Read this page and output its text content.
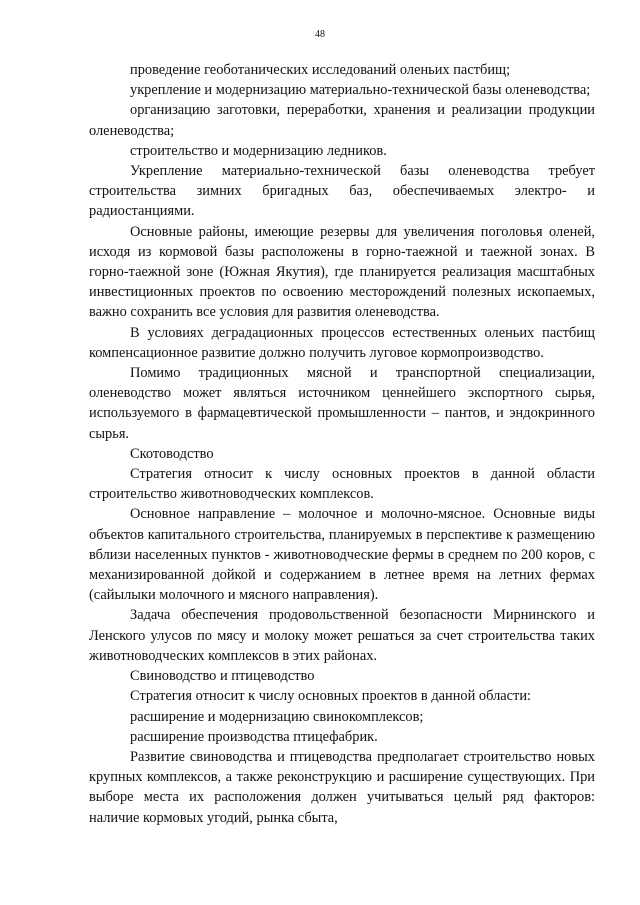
48

проведение геоботанических исследований оленьих пастбищ;

укрепление и модернизацию материально-технической базы оленеводства;

организацию заготовки, переработки, хранения и реализации продукции оленеводства;

строительство и модернизацию ледников.

Укрепление материально-технической базы оленеводства требует строительства зимних бригадных баз, обеспечиваемых электро- и радиостанциями.

Основные районы, имеющие резервы для увеличения поголовья оленей, исходя из кормовой базы расположены в горно-таежной и таежной зонах. В горно-таежной зоне (Южная Якутия), где планируется реализация масштабных инвестиционных проектов по освоению месторождений полезных ископаемых, важно сохранить все условия для развития оленеводства.

В условиях деградационных процессов естественных оленьих пастбищ компенсационное развитие должно получить луговое кормопроизводство.

Помимо традиционных мясной и транспортной специализации, оленеводство может являться источником ценнейшего экспортного сырья, используемого в фармацевтической промышленности – пантов, и эндокринного сырья.

Скотоводство

Стратегия относит к числу основных проектов в данной области строительство животноводческих комплексов.

Основное направление – молочное и молочно-мясное. Основные виды объектов капитального строительства, планируемых в перспективе к размещению вблизи населенных пунктов - животноводческие фермы в среднем по 200 коров, с механизированной дойкой и содержанием в летнее время на летних фермах (сайылыки молочного и мясного направления).

Задача обеспечения продовольственной безопасности Мирнинского и Ленского улусов по мясу и молоку может решаться за счет строительства таких животноводческих комплексов в этих районах.

Свиноводство и птицеводство

Стратегия относит к числу основных проектов в данной области:

расширение и модернизацию свинокомплексов;

расширение производства птицефабрик.

Развитие свиноводства и птицеводства предполагает строительство новых крупных комплексов, а также реконструкцию и расширение существующих. При выборе места их расположения должен учитываться целый ряд факторов: наличие кормовых угодий, рынка сбыта,
